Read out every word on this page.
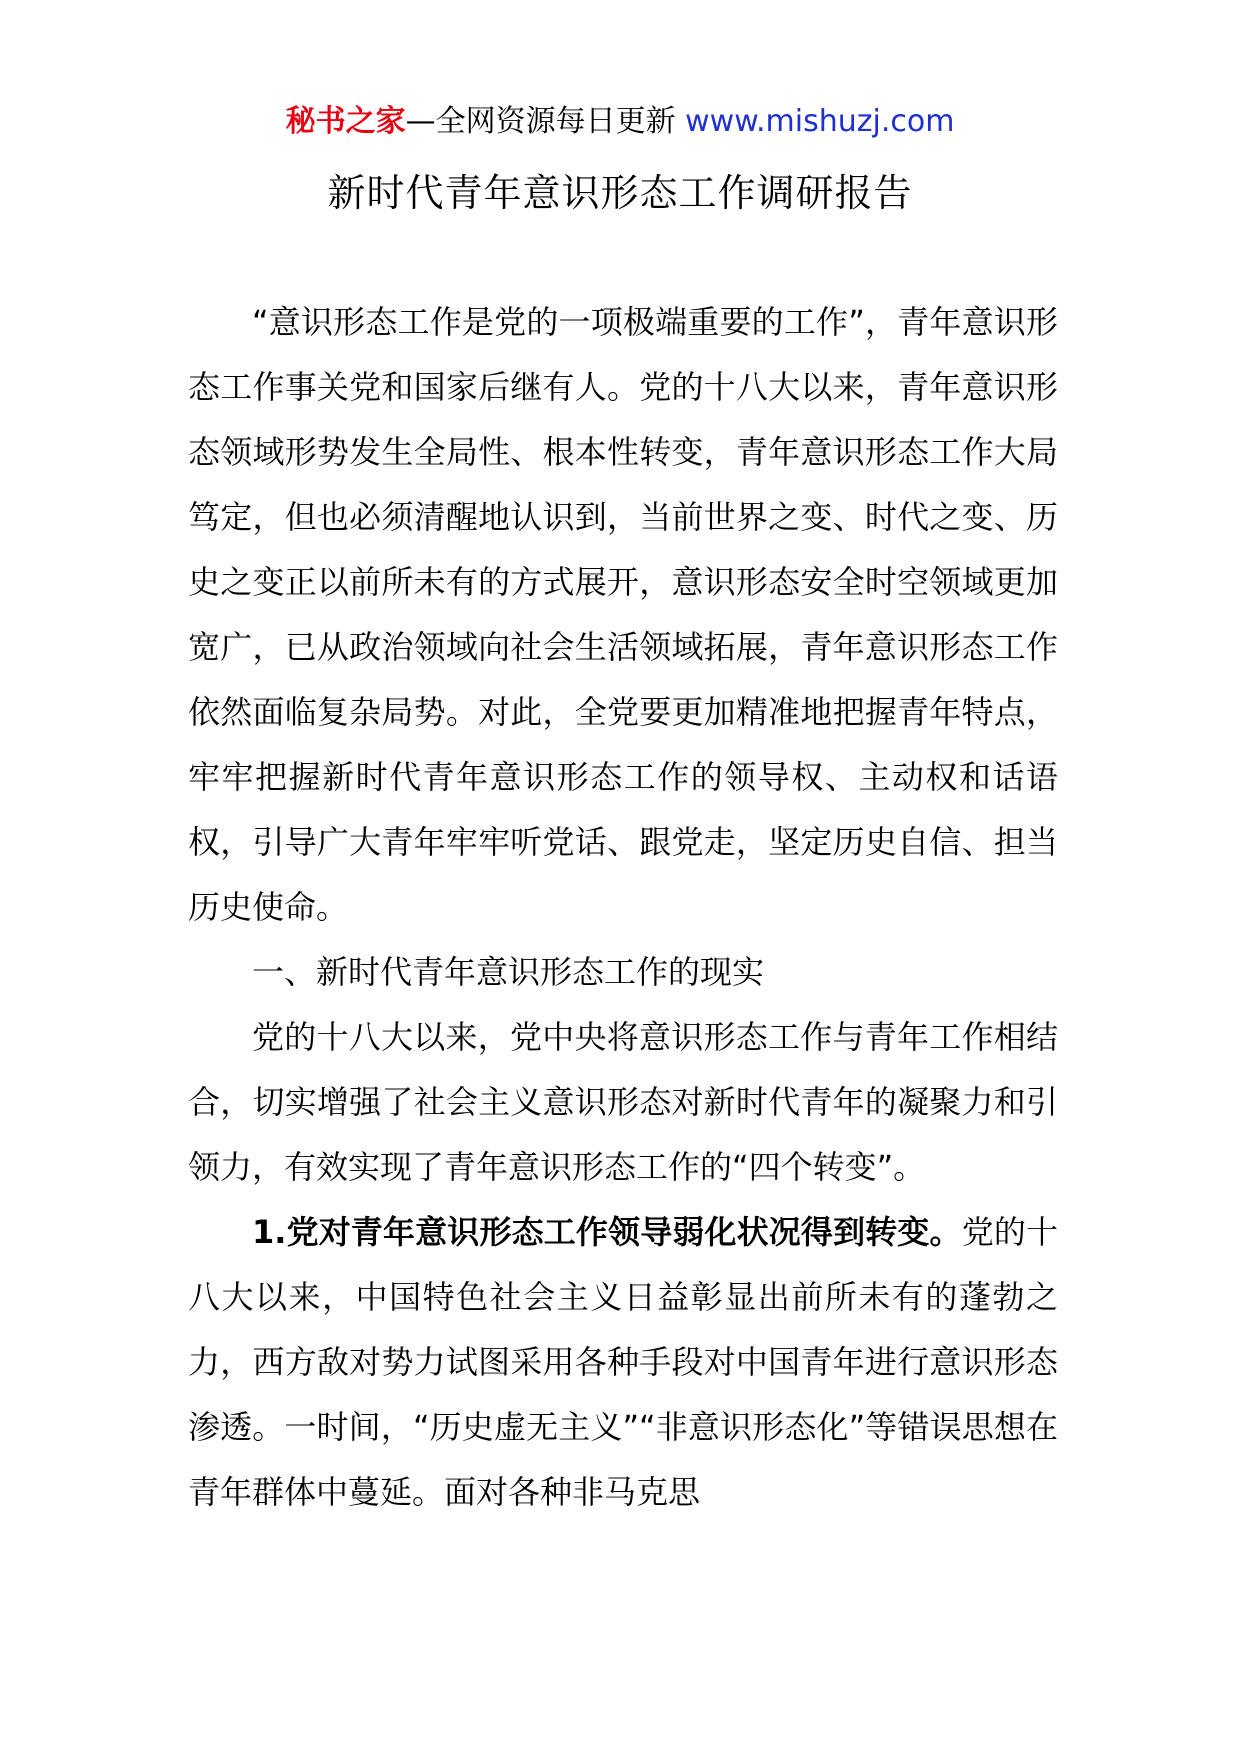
秘书之家—全网资源每日更新 www.mishuzj.com
新时代青年意识形态工作调研报告

“意识形态工作是党的一项极端重要的工作”，青年意识形态工作事关党和国家后继有人。党的十八大以来，青年意识形态领域形势发生全局性、根本性转变，青年意识形态工作大局笃定，但也必须清醒地认识到，当前世界之变、时代之变、历史之变正以前所未有的方式展开，意识形态安全时空领域更加宽广，已从政治领域向社会生活领域拓展，青年意识形态工作依然面临复杂局势。对此，全党要更加精准地把握青年特点，牢牢把握新时代青年意识形态工作的领导权、主动权和话语权，引导广大青年牢牢听党话、跟党走，坚定历史自信、担当历史使命。

一、新时代青年意识形态工作的现实

党的十八大以来，党中央将意识形态工作与青年工作相结合，切实增强了社会主义意识形态对新时代青年的凝聚力和引领力，有效实现了青年意识形态工作的“四个转变”。

1.党对青年意识形态工作领导弱化状况得到转变。党的十八大以来，中国特色社会主义日益彰显出前所未有的蓬勃之力，西方敌对势力试图采用各种手段对中国青年进行意识形态渗透。一时间，“历史虚无主义”“非意识形态化”等错误思想在青年群体中蔓延。面对各种非马克思
